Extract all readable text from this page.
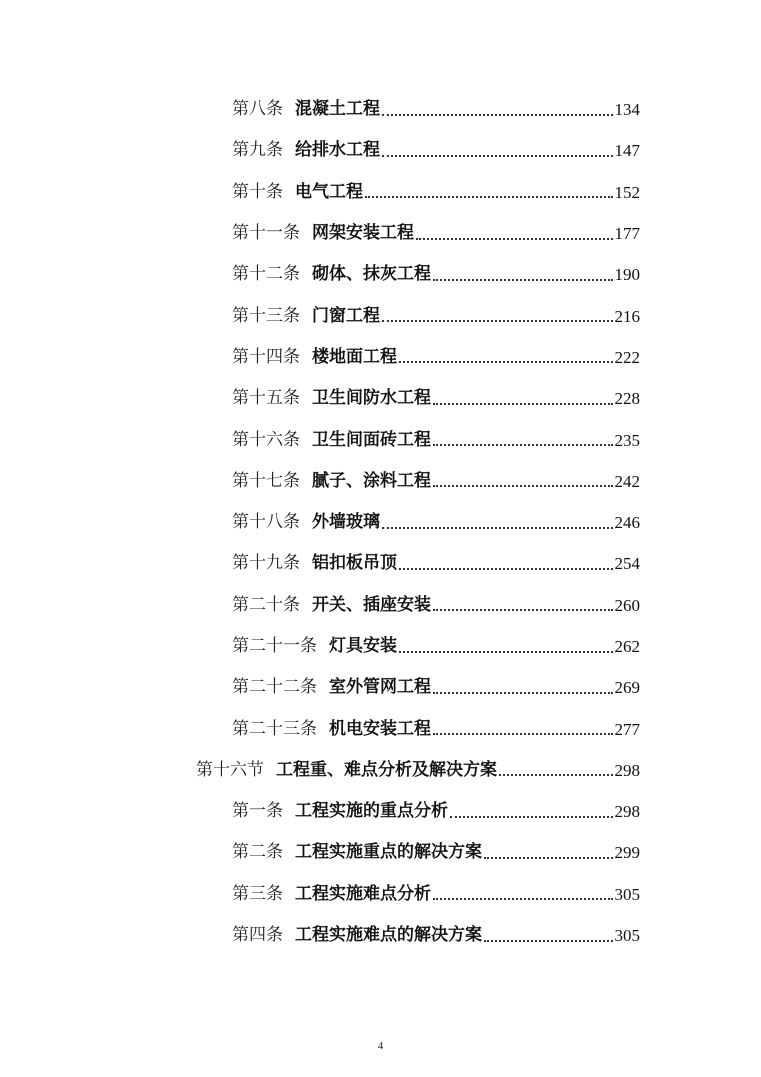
第八条 混凝土工程	134
第九条 给排水工程	147
第十条 电气工程	152
第十一条 网架安装工程	177
第十二条 砌体、抹灰工程	190
第十三条 门窗工程	216
第十四条 楼地面工程	222
第十五条 卫生间防水工程	228
第十六条 卫生间面砖工程	235
第十七条 腻子、涂料工程	242
第十八条 外墙玻璃	246
第十九条 铝扣板吊顶	254
第二十条 开关、插座安装	260
第二十一条 灯具安装	262
第二十二条 室外管网工程	269
第二十三条 机电安装工程	277
第十六节 工程重、难点分析及解决方案	298
第一条 工程实施的重点分析	298
第二条 工程实施重点的解决方案	299
第三条 工程实施难点分析	305
第四条 工程实施难点的解决方案	305
4
